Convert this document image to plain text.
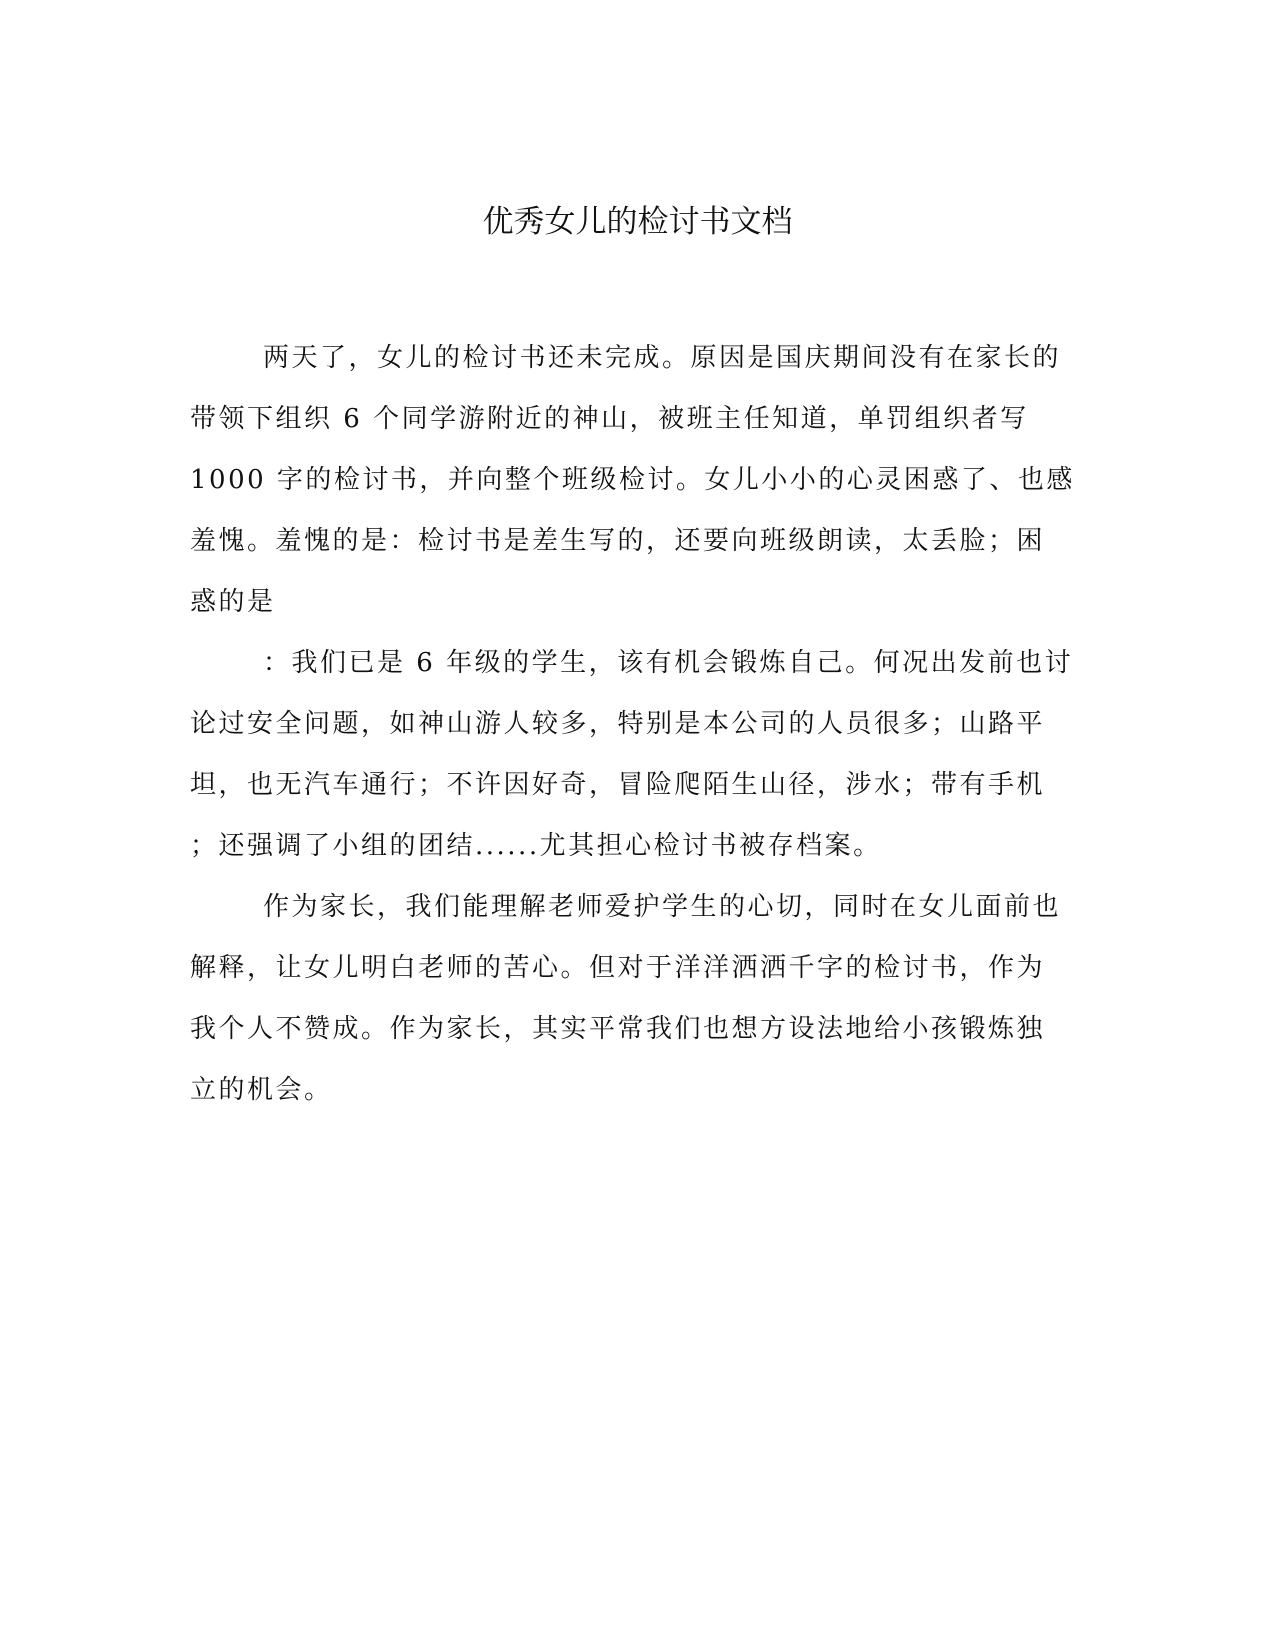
优秀女儿的检讨书文档
两天了，女儿的检讨书还未完成。原因是国庆期间没有在家长的
带领下组织 6 个同学游附近的神山，被班主任知道，单罚组织者写
1000 字的检讨书，并向整个班级检讨。女儿小小的心灵困惑了、也感
羞愧。羞愧的是：检讨书是差生写的，还要向班级朗读，太丢脸；困
惑的是
：我们已是 6 年级的学生，该有机会锻炼自己。何况出发前也讨
论过安全问题，如神山游人较多，特别是本公司的人员很多；山路平
坦，也无汽车通行；不许因好奇，冒险爬陌生山径，涉水；带有手机
；还强调了小组的团结......尤其担心检讨书被存档案。
作为家长，我们能理解老师爱护学生的心切，同时在女儿面前也
解释，让女儿明白老师的苦心。但对于洋洋洒洒千字的检讨书，作为
我个人不赞成。作为家长，其实平常我们也想方设法地给小孩锻炼独
立的机会。
